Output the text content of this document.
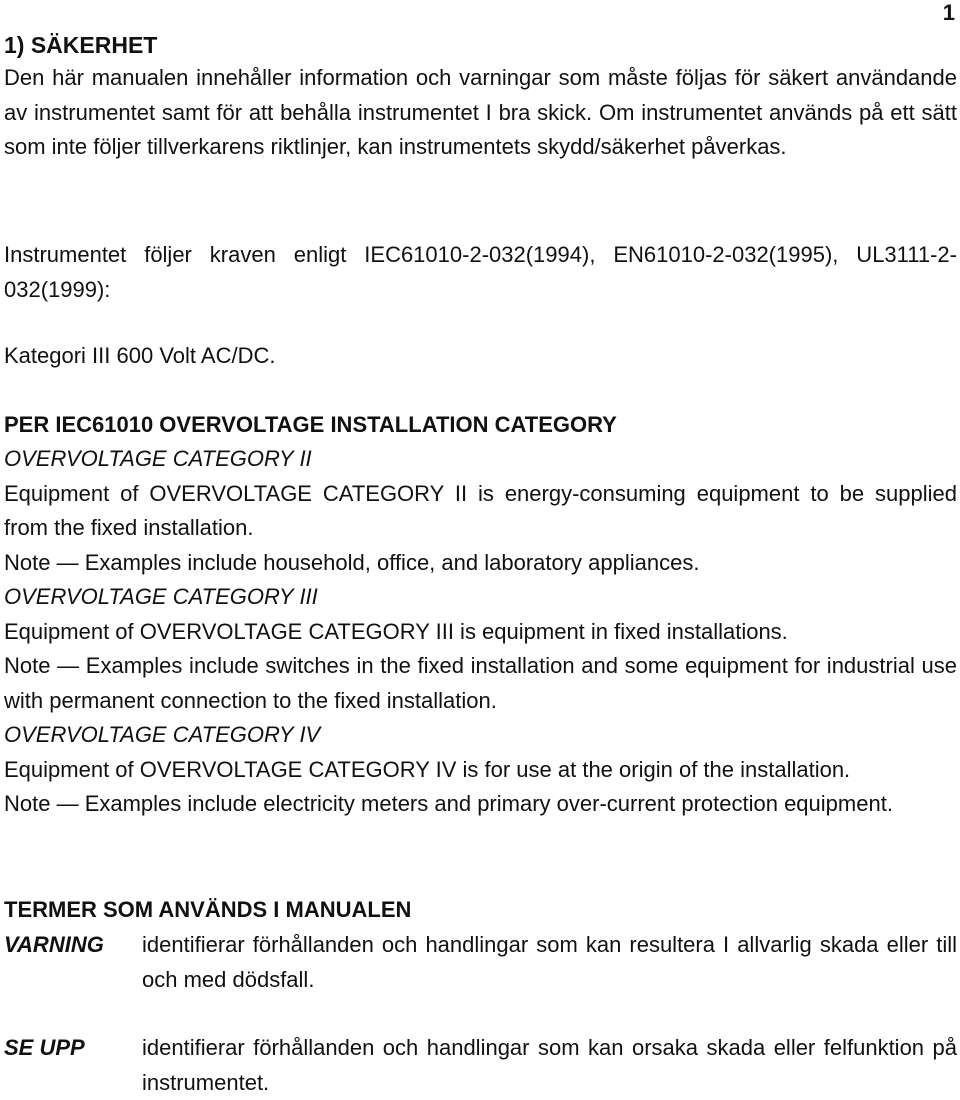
1
1) SÄKERHET

Den här manualen innehåller information och varningar som måste följas för säkert användande av instrumentet samt för att behålla instrumentet I bra skick. Om instrumentet används på ett sätt som inte följer tillverkarens riktlinjer, kan instrumentets skydd/säkerhet påverkas.

Instrumentet följer kraven enligt IEC61010-2-032(1994), EN61010-2-032(1995), UL3111-2-032(1999):

Kategori III 600 Volt AC/DC.

PER IEC61010 OVERVOLTAGE INSTALLATION CATEGORY

OVERVOLTAGE CATEGORY II

Equipment of OVERVOLTAGE CATEGORY II is energy-consuming equipment to be supplied from the fixed installation.

Note — Examples include household, office, and laboratory appliances.

OVERVOLTAGE CATEGORY III

Equipment of OVERVOLTAGE CATEGORY III is equipment in fixed installations.

Note — Examples include switches in the fixed installation and some equipment for industrial use with permanent connection to the fixed installation.

OVERVOLTAGE CATEGORY IV

Equipment of OVERVOLTAGE CATEGORY IV is for use at the origin of the installation.

Note — Examples include electricity meters and primary over-current protection equipment.

TERMER SOM ANVÄNDS I MANUALEN
VARNING	identifierar förhållanden och handlingar som kan resultera I allvarlig skada eller till och med dödsfall.
SE UPP	identifierar förhållanden och handlingar som kan orsaka skada eller felfunktion på instrumentet.
